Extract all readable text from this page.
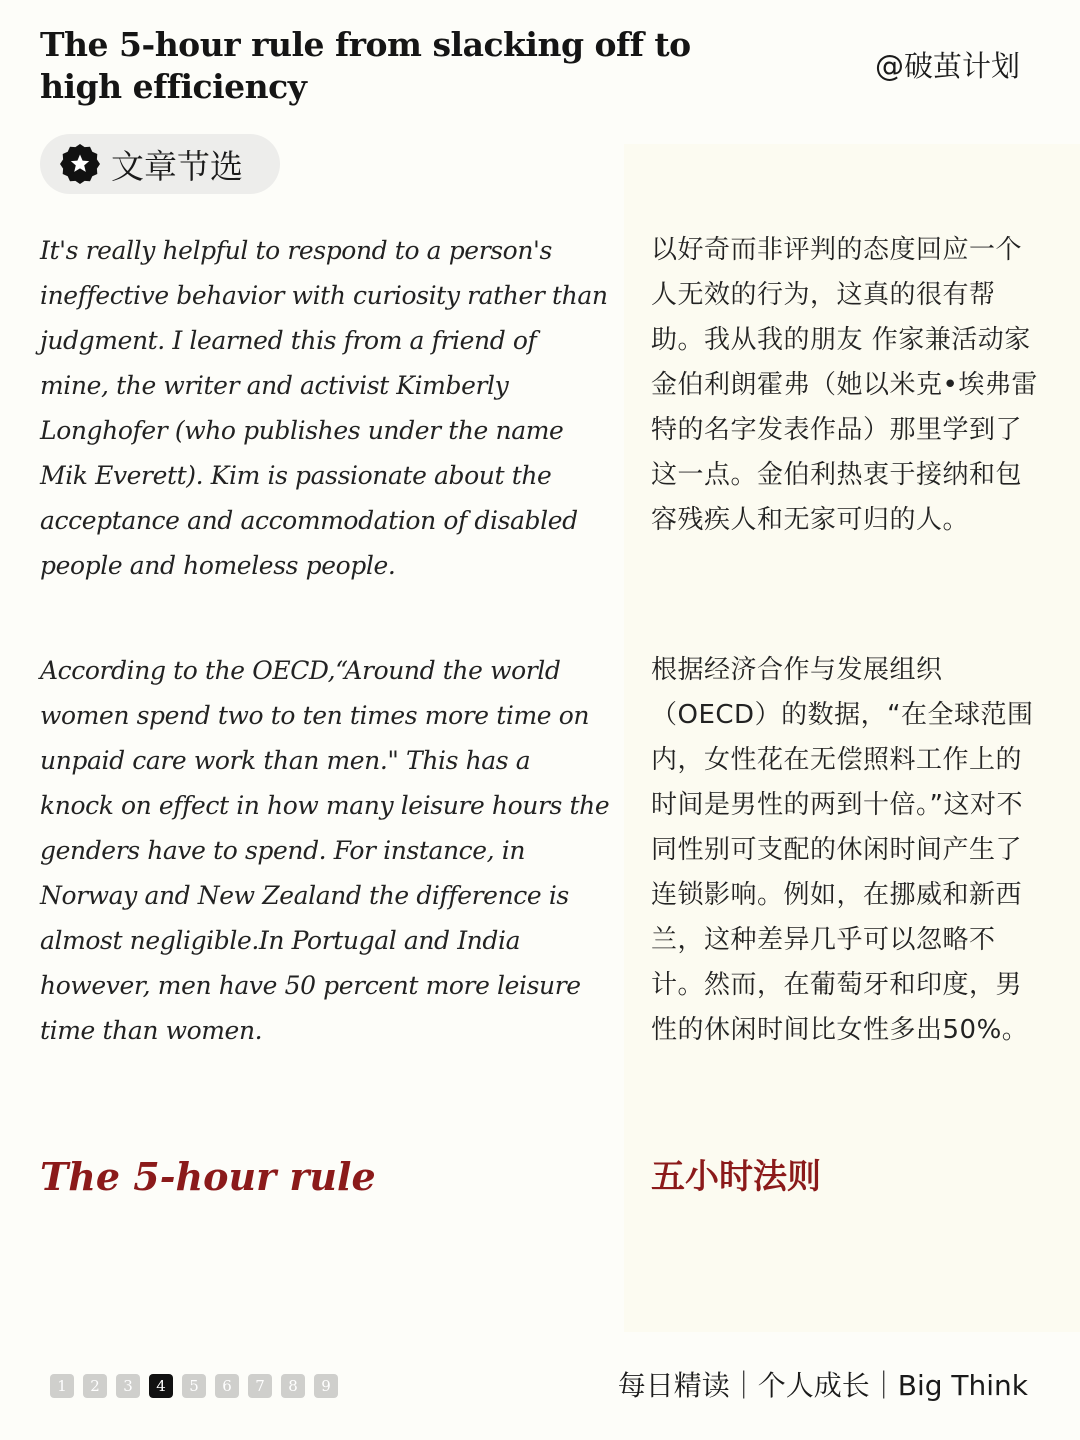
The 5-hour rule from slacking off to high efficiency
@破茧计划
文章节选

It's really helpful to respond to a person's ineffective behavior with curiosity rather than judgment. I learned this from a friend of mine, the writer and activist Kimberly Longhofer (who publishes under the name Mik Everett). Kim is passionate about the acceptance and accommodation of disabled people and homeless people.

以好奇而非评判的态度回应一个人无效的行为，这真的很有帮助。我从我的朋友 作家兼活动家金伯利朗霍弗（她以米克•埃弗雷特的名字发表作品）那里学到了这一点。金伯利热衷于接纳和包容残疾人和无家可归的人。

According to the OECD,“Around the world women spend two to ten times more time on unpaid care work than men." This has a knock on effect in how many leisure hours the genders have to spend. For instance, in Norway and New Zealand the difference is almost negligible.In Portugal and India however, men have 50 percent more leisure time than women.

根据经济合作与发展组织（OECD）的数据，“在全球范围内，女性花在无偿照料工作上的时间是男性的两到十倍。”这对不同性别可支配的休闲时间产生了连锁影响。例如，在挪威和新西兰，这种差异几乎可以忽略不计。然而，在葡萄牙和印度，男性的休闲时间比女性多出50%。

The 5-hour rule	五小时法则
1	2	3	4	5	6	7	8	9	每日精读｜个人成长｜Big Think
